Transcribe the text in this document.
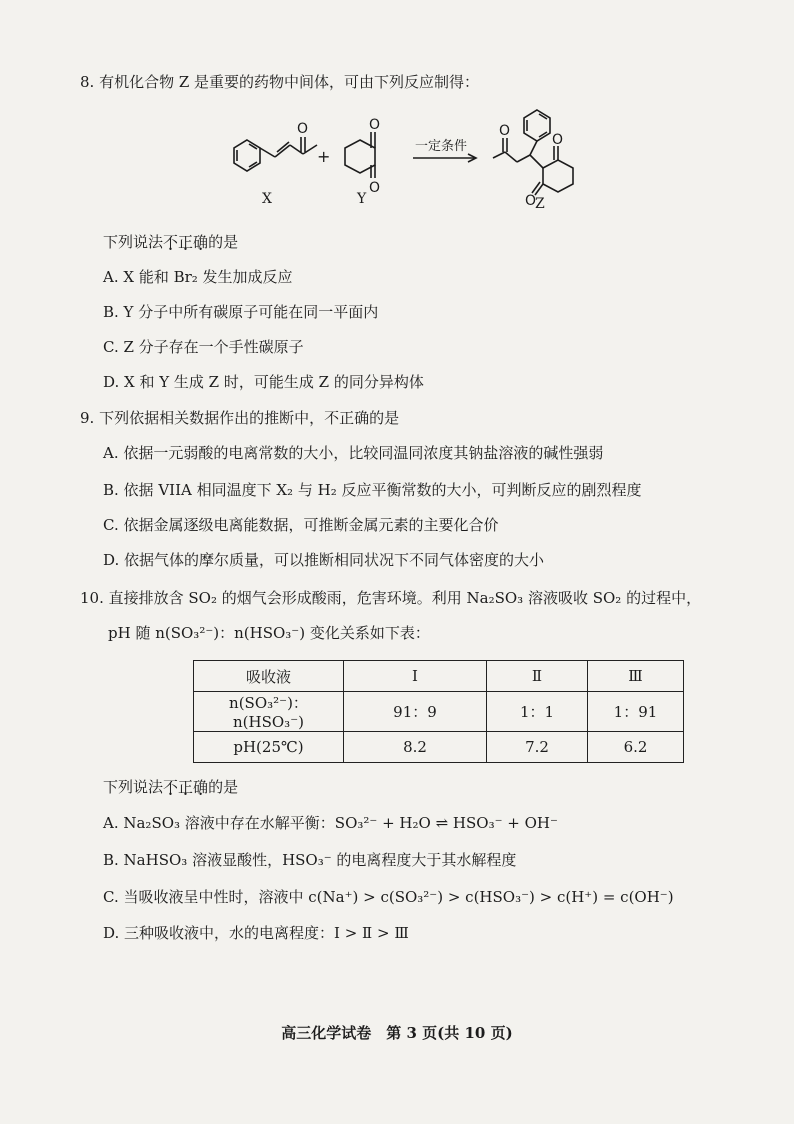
8. 有机化合物 Z 是重要的药物中间体，可由下列反应制得：
O
+
O
O
一定条件
O
O
O
X	Y	Z
下列说法不正确的是
A. X 能和 Br₂ 发生加成反应
B. Y 分子中所有碳原子可能在同一平面内
C. Z 分子存在一个手性碳原子
D. X 和 Y 生成 Z 时，可能生成 Z 的同分异构体
9. 下列依据相关数据作出的推断中，不正确的是
A. 依据一元弱酸的电离常数的大小，比较同温同浓度其钠盐溶液的碱性强弱
B. 依据 VIIA 相同温度下 X₂ 与 H₂ 反应平衡常数的大小，可判断反应的剧烈程度
C. 依据金属逐级电离能数据，可推断金属元素的主要化合价
D. 依据气体的摩尔质量，可以推断相同状况下不同气体密度的大小
10. 直接排放含 SO₂ 的烟气会形成酸雨，危害环境。利用 Na₂SO₃ 溶液吸收 SO₂ 的过程中，
pH 随 n(SO₃²⁻)：n(HSO₃⁻) 变化关系如下表：
吸收液	Ⅰ	Ⅱ	Ⅲ
n(SO₃²⁻)：n(HSO₃⁻)	91：9	1：1	1：91
pH(25℃)	8.2	7.2	6.2
下列说法不正确的是
A. Na₂SO₃ 溶液中存在水解平衡：SO₃²⁻ + H₂O ⇌ HSO₃⁻ + OH⁻
B. NaHSO₃ 溶液显酸性，HSO₃⁻ 的电离程度大于其水解程度
C. 当吸收液呈中性时，溶液中 c(Na⁺) > c(SO₃²⁻) > c(HSO₃⁻) > c(H⁺) = c(OH⁻)
D. 三种吸收液中，水的电离程度：Ⅰ > Ⅱ > Ⅲ
高三化学试卷　第 3 页(共 10 页)
